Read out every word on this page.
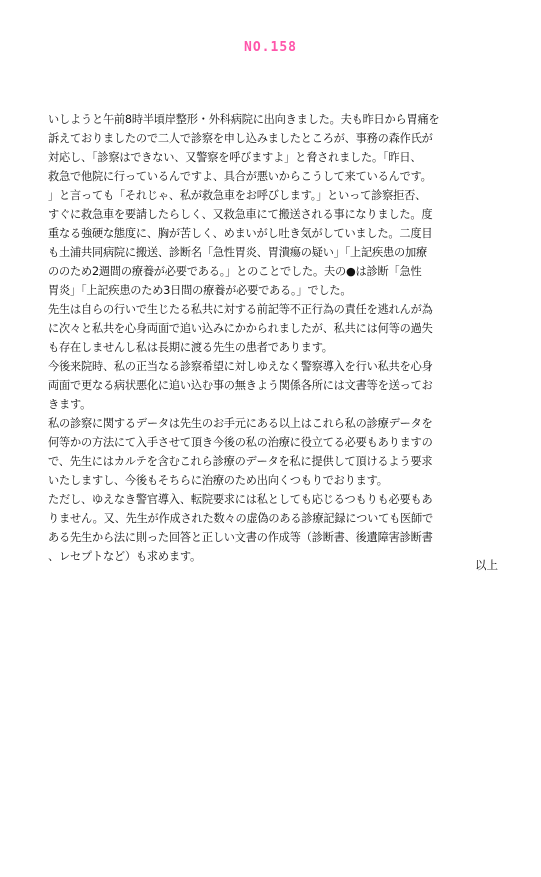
NO.158

いしようと午前8時半頃岸整形・外科病院に出向きました。夫も昨日から胃痛を
訴えておりましたので二人で診察を申し込みましたところが、事務の森作氏が
対応し、「診察はできない、又警察を呼びますよ」と脅されました。「昨日、
救急で他院に行っているんですよ、具合が悪いからこうして来ているんです。
」と言っても「それじゃ、私が救急車をお呼びします。」といって診察拒否、
すぐに救急車を要請したらしく、又救急車にて搬送される事になりました。度
重なる強硬な態度に、胸が苦しく、めまいがし吐き気がしていました。二度目
も土浦共同病院に搬送、診断名「急性胃炎、胃潰瘍の疑い」「上記疾患の加療
ののため2週間の療養が必要である。」とのことでした。夫の●は診断「急性
胃炎」「上記疾患のため3日間の療養が必要である。」でした。

先生は自らの行いで生じたる私共に対する前記等不正行為の責任を逃れんが為
に次々と私共を心身両面で追い込みにかかられましたが、私共には何等の過失
も存在しませんし私は長期に渡る先生の患者であります。

今後来院時、私の正当なる診察希望に対しゆえなく警察導入を行い私共を心身
両面で更なる病状悪化に追い込む事の無きよう関係各所には文書等を送ってお
きます。

私の診察に関するデータは先生のお手元にある以上はこれら私の診療データを
何等かの方法にて入手させて頂き今後の私の治療に役立てる必要もありますの
で、先生にはカルテを含むこれら診療のデータを私に提供して頂けるよう要求
いたしますし、今後もそちらに治療のため出向くつもりでおります。

ただし、ゆえなき警官導入、転院要求には私としても応じるつもりも必要もあ
りません。又、先生が作成された数々の虚偽のある診療記録についても医師で
ある先生から法に則った回答と正しい文書の作成等（診断書、後遺障害診断書
、レセプトなど）も求めます。

以上
